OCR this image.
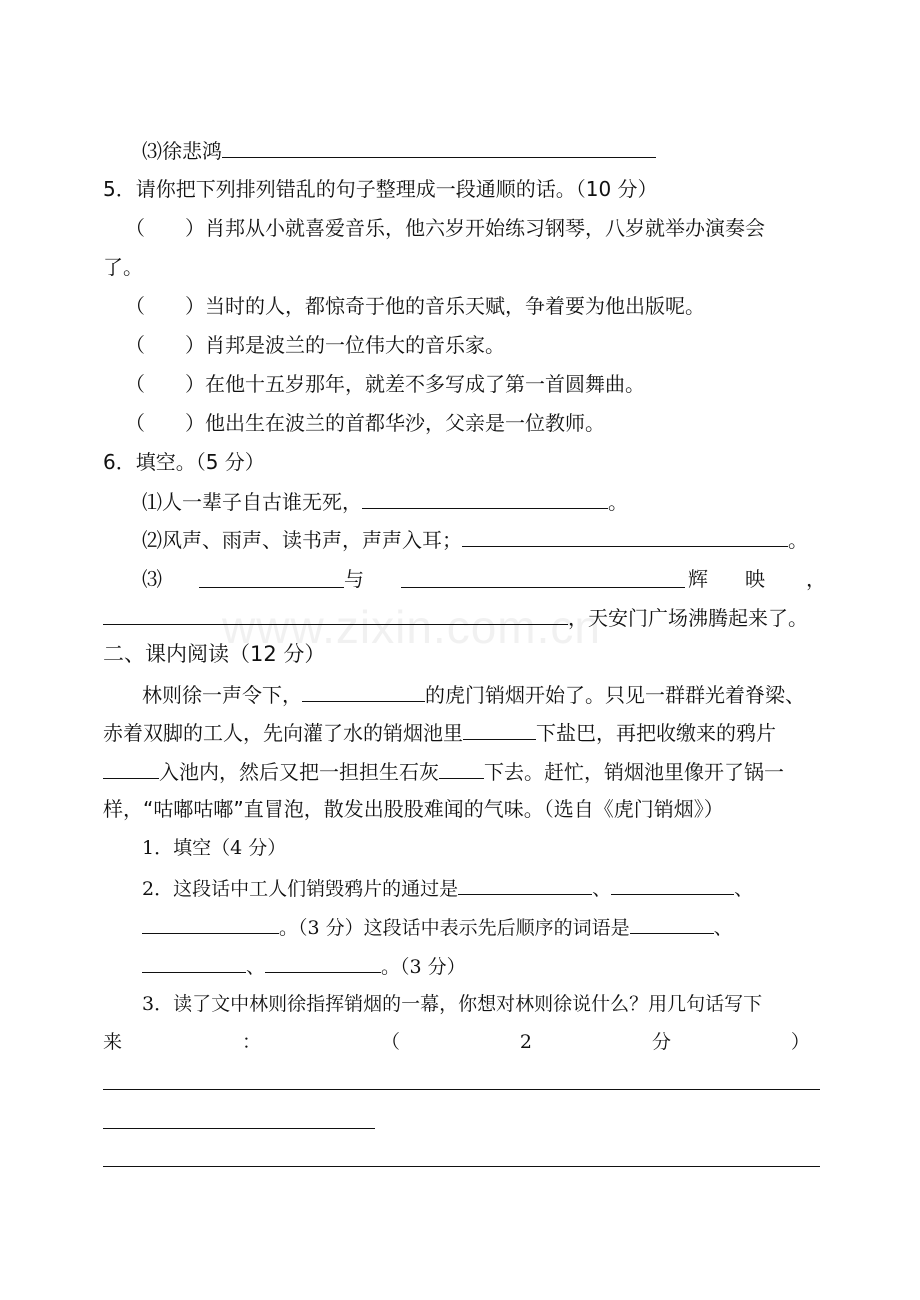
www.zixin.com.cn
⑶徐悲鸿
5．请你把下列排列错乱的句子整理成一段通顺的话。（10 分）
（　　）肖邦从小就喜爱音乐，他六岁开始练习钢琴，八岁就举办演奏会
了。
（　　）当时的人，都惊奇于他的音乐天赋，争着要为他出版呢。
（　　）肖邦是波兰的一位伟大的音乐家。
（　　）在他十五岁那年，就差不多写成了第一首圆舞曲。
（　　）他出生在波兰的首都华沙，父亲是一位教师。
6．填空。（5 分）
⑴人一辈子自古谁无死，	。
⑵风声、雨声、读书声，声声入耳；	。
⑶	与	辉 映 ，
，天安门广场沸腾起来了。
二、课内阅读（12 分）
林则徐一声令下，	的虎门销烟开始了。只见一群群光着脊梁、
赤着双脚的工人，先向灌了水的销烟池里	下盐巴，再把收缴来的鸦片
入池内，然后又把一担担生石灰 下去。赶忙，销烟池里像开了锅一
样，“咕嘟咕嘟”直冒泡，散发出股股难闻的气味。（选自《虎门销烟》）
1．填空（4 分）
2．这段话中工人们销毁鸦片的通过是	、	、
。（3 分）这段话中表示先后顺序的词语是	、
、	。（3 分）
3．读了文中林则徐指挥销烟的一幕，你想对林则徐说什么？用几句话写下
来	：	（	2	分	）
